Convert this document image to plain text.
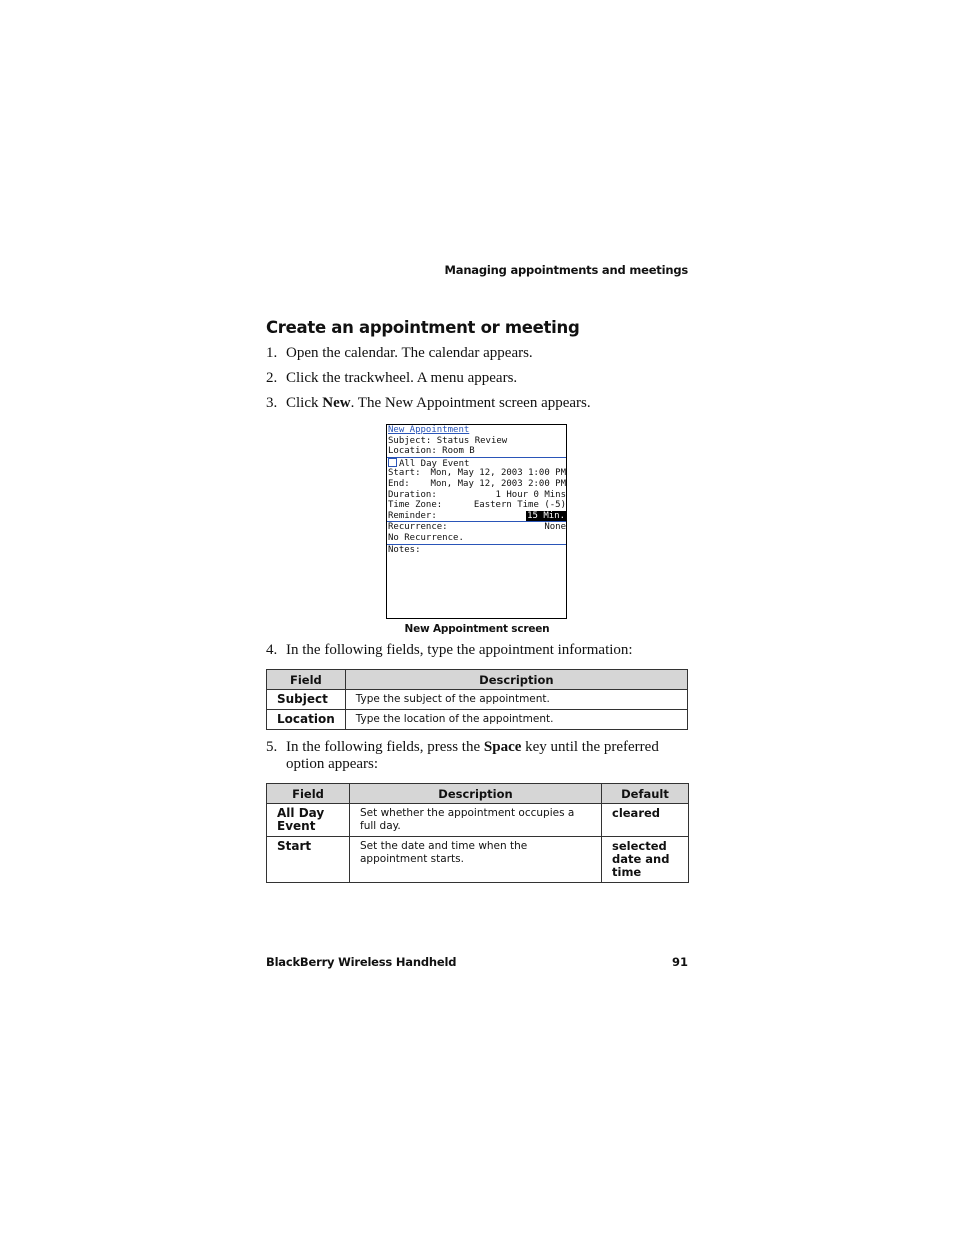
Managing appointments and meetings
Create an appointment or meeting
1. Open the calendar. The calendar appears.
2. Click the trackwheel. A menu appears.
3. Click New. The New Appointment screen appears.
New Appointment
Subject: Status Review
Location: Room B
All Day Event
Start: Mon, May 12, 2003 1:00 PM
End: Mon, May 12, 2003 2:00 PM
Duration:	1 Hour 0 Mins
Time Zone:	Eastern Time (-5)
Reminder:	15 Min.
Recurrence:	None
No Recurrence.
Notes:
New Appointment screen
4. In the following fields, type the appointment information:
Field	Description
Subject	Type the subject of the appointment.
Location	Type the location of the appointment.
5. In the following fields, press the Space key until the preferred option appears:
Field	Description	Default
All Day Event	Set whether the appointment occupies a full day.	cleared
Start	Set the date and time when the appointment starts.	selected date and time
BlackBerry Wireless Handheld	91
